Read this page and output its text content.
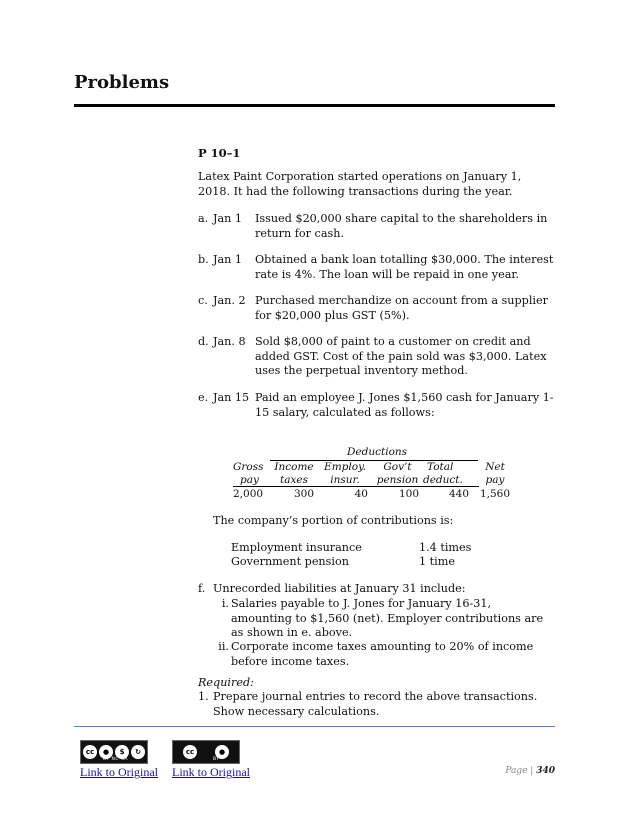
Problems
P 10–1
Latex Paint Corporation started operations on January 1, 2018. It had the following transactions during the year.
a. Jan 1 Issued $20,000 share capital to the shareholders in return for cash.
b. Jan 1 Obtained a bank loan totalling $30,000. The interest rate is 4%. The loan will be repaid in one year.
c. Jan. 2 Purchased merchandize on account from a supplier for $20,000 plus GST (5%).
d. Jan. 8 Sold $8,000 of paint to a customer on credit and added GST. Cost of the pain sold was $3,000. Latex uses the perpetual inventory method.
e. Jan 15 Paid an employee J. Jones $1,560 cash for January 1-15 salary, calculated as follows:
Deductions
Gross	Income	Employ.	Gov’t	Total	Net
pay	taxes	insur.	pension	deduct.	pay
2,000	300	40	100	440	1,560
The company’s portion of contributions is:
Employment insurance	1.4 times
Government pension	1 time
f. Unrecorded liabilities at January 31 include:
i. Salaries payable to J. Jones for January 16-31, amounting to $1,560 (net). Employer contributions are as shown in e. above.
ii. Corporate income taxes amounting to 20% of income before income taxes.
Required:
1. Prepare journal entries to record the above transactions. Show necessary calculations.
cc	●	$	↻
BY NC SA
cc	●
BY
Link to Original Link to Original	Page | 340
